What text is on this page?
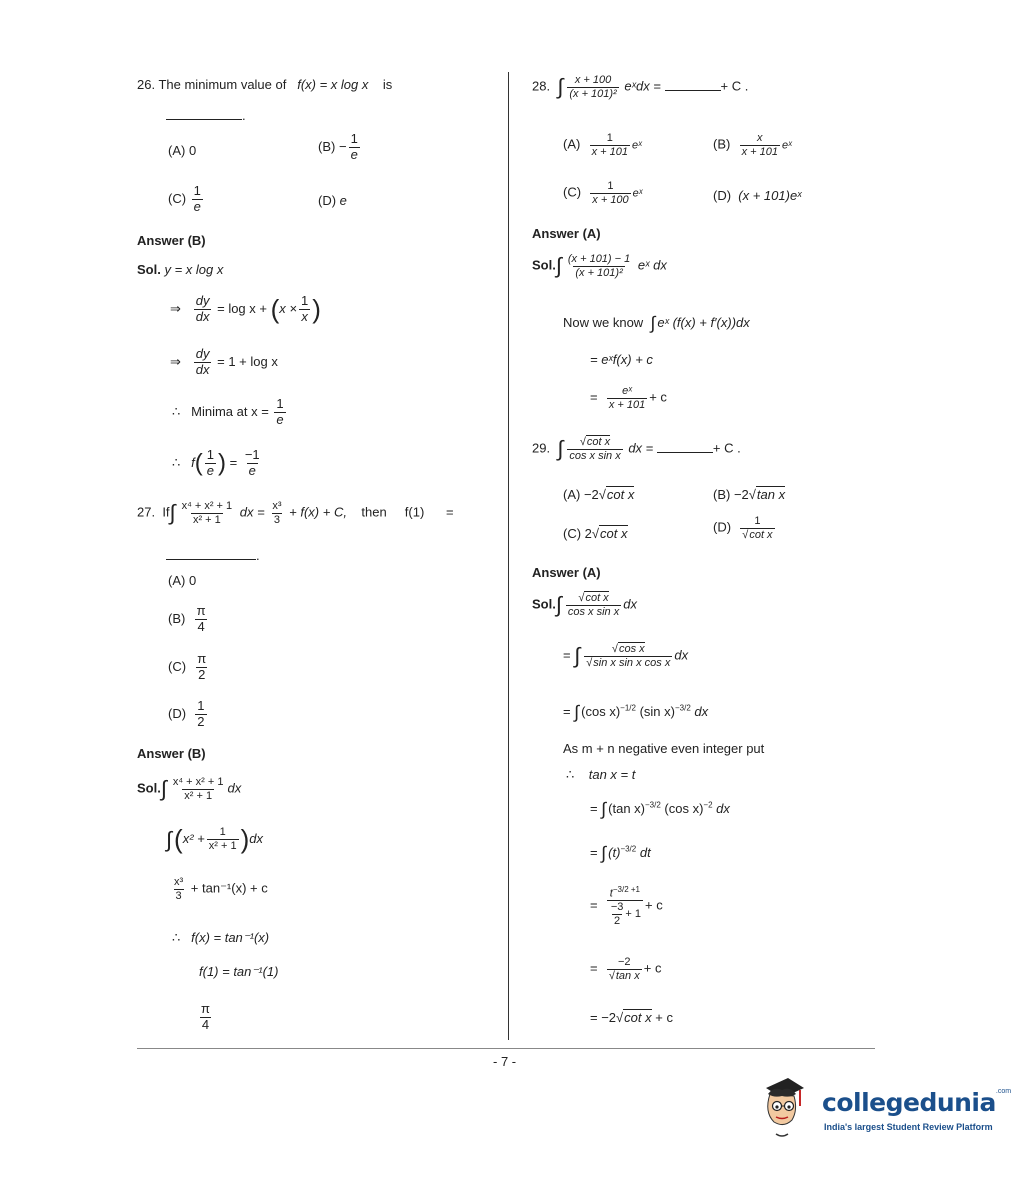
26. The minimum value of f(x) = x log x is
.
(A) 0	$(B) - \frac{1}{e}$
$(C) \frac{1}{e}$	(D) e
Answer (B)
Sol. y = x log x
⇒ $\frac{dy}{dx} = \log x + (x \times \frac{1}{x}$ )
⇒ $\frac{dy}{dx} = 1 + \log x$
∴ Minima at $x = \frac{1}{e}$
∴ $f( \frac{1}{e}$ ) = $\frac{-1}{e}$
27. $If\int \frac{\text{x⁴ + x² + 1}}{\text{x² + 1}}$ dx = $\frac{\text{x³}}{3} + f(x) + C$, then f(1) =
.
(A) 0
$(B) \frac{\pi}{4}$
$(C) \frac{\pi}{2}$
$(D) \frac{1}{2}$
Answer (B)
$Sol.\int \frac{\text{x⁴ + x² + 1}}{\text{x² + 1}}$ dx
$\int(x^2 + \frac{1}{\text{x² + 1}} )dx$
$\frac{\text{x³}}{3} + \tan^{-1}(x) + c$
∴ f(x) = tan⁻¹(x)
f(1) = tan⁻¹(1)
$\frac{\pi}{4}$
28. ∫ $\frac{x + 100}{\text{(x + 101)²}}$ eˣdx =	+ C .
$(A) \frac{1}{x + 101}$ eˣ	$(B) \frac{x}{x + 101}$ eˣ
$(C) \frac{1}{x + 100}$ eˣ	(D) (x + 101)eˣ
Answer (A)
$Sol.\int \frac{(x + 101) - 1}{\text{(x + 101)²}}$ eˣ dx
Now we know ∫ eˣ (f(x) + f′(x))dx
= eˣf(x) + c
= $\frac{\text{eˣ}}{x + 101} + c$
29. ∫ $\frac{\text{√cot x}}{\text{cos x sin x}}$ dx =	+ C .
(A) −2√cot x	(B) −2√tan x
(C) 2√cot x	$(D) \frac{1}{\text{√cot x}}$
Answer (A)
$Sol.\int \frac{\text{√cot x}}{\text{cos x sin x}}$ dx
= ∫ $\frac{\text{√cos x}}{\text{√sin x sin x cos x}}$ dx
= ∫ (cos x)$^{-1/2}$ (sin x)$^{-3/2}$ dx
As m + n negative even integer put
∴ tan x = t
= ∫ (tan x)$^{-3/2}$ (cos x)$^{-2}$ dx
= ∫ $(t)^{-3/2}$ dt
= $\frac{t^{-3/2 +1}}{\frac{-3}{2} + 1} + c$
= $\frac{-2}{\text{√tan x}} + c$
= −2√cot x + c
- 7 -
collegedunia$^{.com}$
India's largest Student Review Platform
